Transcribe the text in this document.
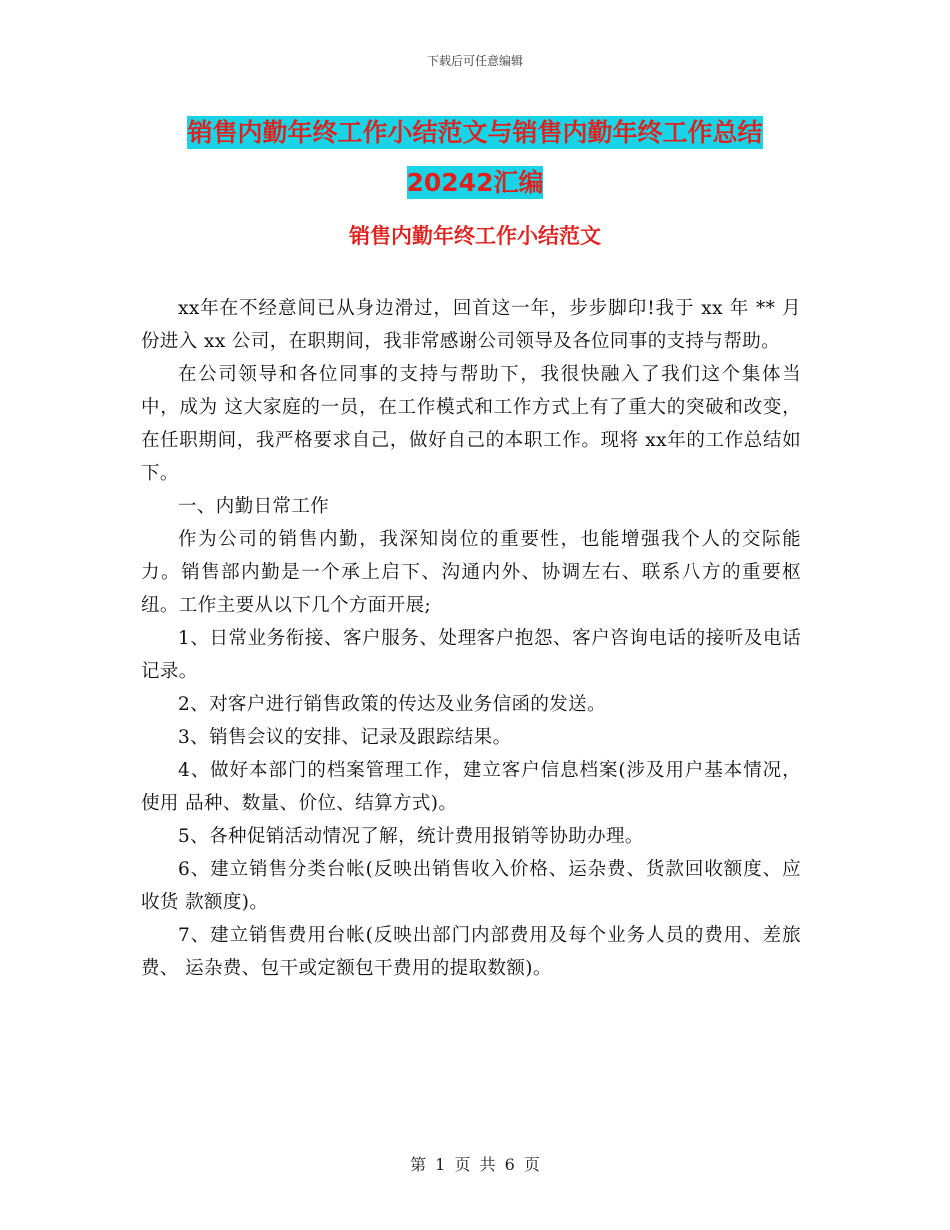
下载后可任意编辑
销售内勤年终工作小结范文与销售内勤年终工作总结
20242汇编
销售内勤年终工作小结范文

xx年在不经意间已从身边滑过，回首这一年，步步脚印!我于 xx 年 ** 月份进入 xx 公司，在职期间，我非常感谢公司领导及各位同事的支持与帮助。

在公司领导和各位同事的支持与帮助下，我很快融入了我们这个集体当中，成为 这大家庭的一员，在工作模式和工作方式上有了重大的突破和改变，在任职期间，我严格要求自己，做好自己的本职工作。现将 xx年的工作总结如下。

一、内勤日常工作

作为公司的销售内勤，我深知岗位的重要性，也能增强我个人的交际能力。销售部内勤是一个承上启下、沟通内外、协调左右、联系八方的重要枢纽。工作主要从以下几个方面开展;

1、日常业务衔接、客户服务、处理客户抱怨、客户咨询电话的接听及电话记录。

2、对客户进行销售政策的传达及业务信函的发送。

3、销售会议的安排、记录及跟踪结果。

4、做好本部门的档案管理工作，建立客户信息档案(涉及用户基本情况，使用 品种、数量、价位、结算方式)。

5、各种促销活动情况了解，统计费用报销等协助办理。

6、建立销售分类台帐(反映出销售收入价格、运杂费、货款回收额度、应收货 款额度)。

7、建立销售费用台帐(反映出部门内部费用及每个业务人员的费用、差旅费、 运杂费、包干或定额包干费用的提取数额)。

第 1 页 共 6 页
